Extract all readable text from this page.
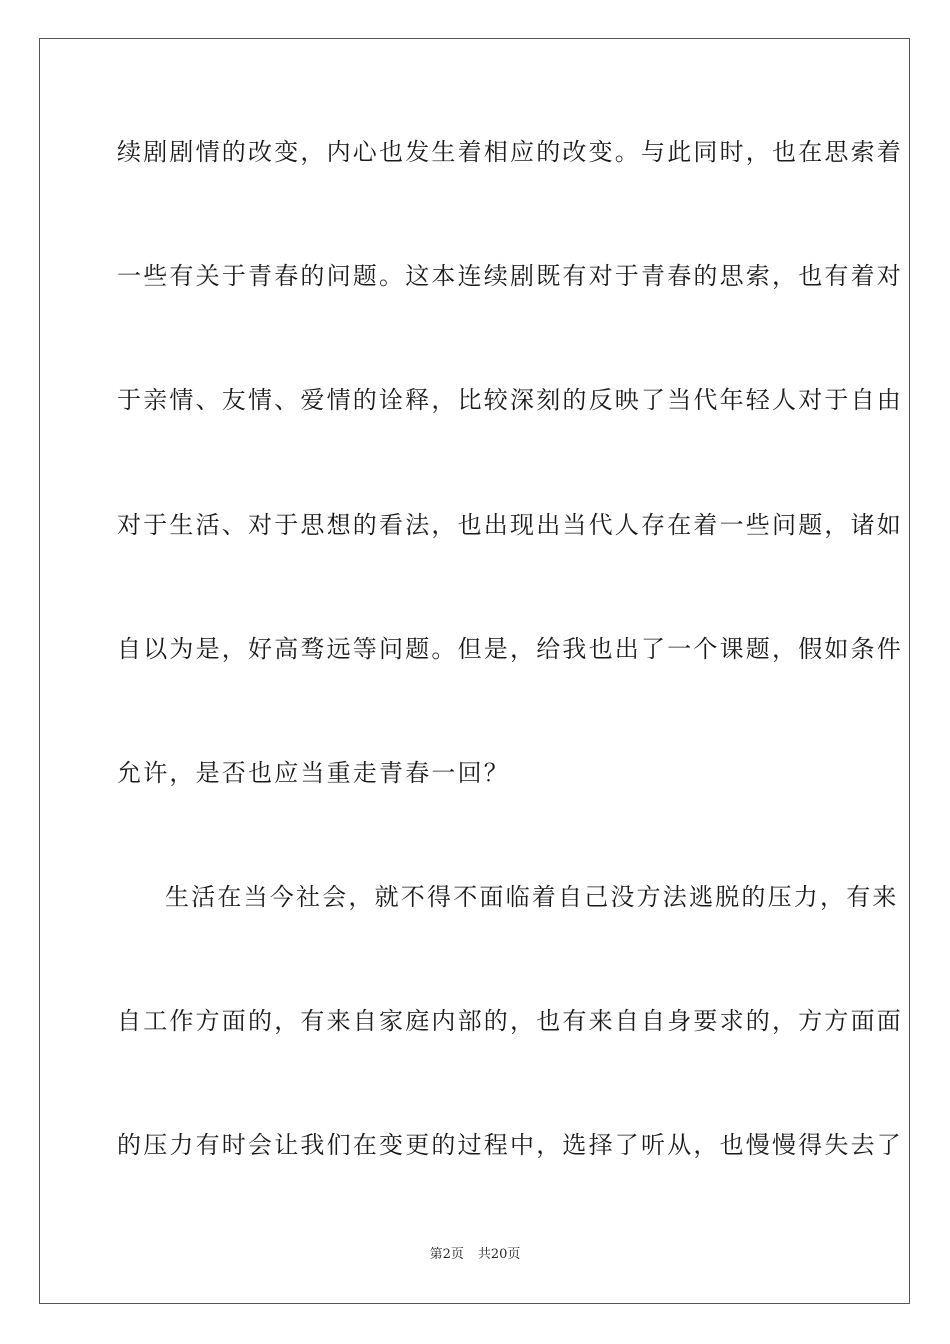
续剧剧情的改变，内心也发生着相应的改变。与此同时，也在思索着
一些有关于青春的问题。这本连续剧既有对于青春的思索，也有着对
于亲情、友情、爱情的诠释，比较深刻的反映了当代年轻人对于自由
对于生活、对于思想的看法，也出现出当代人存在着一些问题，诸如
自以为是，好高骛远等问题。但是，给我也出了一个课题，假如条件
允许，是否也应当重走青春一回？
生活在当今社会，就不得不面临着自己没方法逃脱的压力，有来
自工作方面的，有来自家庭内部的，也有来自自身要求的，方方面面
的压力有时会让我们在变更的过程中，选择了听从，也慢慢得失去了
第2页 共20页
